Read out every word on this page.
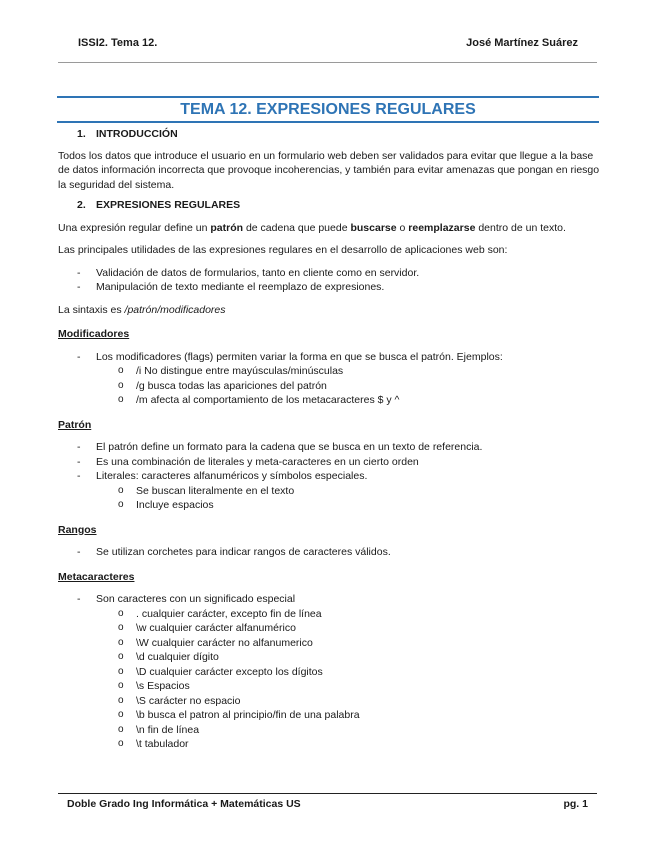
ISSI2. Tema 12.	José Martínez Suárez
TEMA 12. EXPRESIONES REGULARES
1. INTRODUCCIÓN

Todos los datos que introduce el usuario en un formulario web deben ser validados para evitar que llegue a la base de datos información incorrecta que provoque incoherencias, y también para evitar amenazas que pongan en riesgo la seguridad del sistema.

2. EXPRESIONES REGULARES

Una expresión regular define un patrón de cadena que puede buscarse o reemplazarse dentro de un texto.

Las principales utilidades de las expresiones regulares en el desarrollo de aplicaciones web son:

- Validación de datos de formularios, tanto en cliente como en servidor.
- Manipulación de texto mediante el reemplazo de expresiones.

La sintaxis es /patrón/modificadores

Modificadores

- Los modificadores (flags) permiten variar la forma en que se busca el patrón. Ejemplos:
o /i No distingue entre mayúsculas/minúsculas
o /g busca todas las apariciones del patrón
o /m afecta al comportamiento de los metacaracteres $ y ^

Patrón

- El patrón define un formato para la cadena que se busca en un texto de referencia.
- Es una combinación de literales y meta-caracteres en un cierto orden
- Literales: caracteres alfanuméricos y símbolos especiales.
o Se buscan literalmente en el texto
o Incluye espacios

Rangos

- Se utilizan corchetes para indicar rangos de caracteres válidos.

Metacaracteres

- Son caracteres con un significado especial
o . cualquier carácter, excepto fin de línea
o \w cualquier carácter alfanumérico
o \W cualquier carácter no alfanumerico
o \d cualquier dígito
o \D cualquier carácter excepto los dígitos
o \s Espacios
o \S carácter no espacio
o \b busca el patron al principio/fin de una palabra
o \n fin de línea
o \t tabulador
Doble Grado Ing Informática + Matemáticas US	pg. 1
